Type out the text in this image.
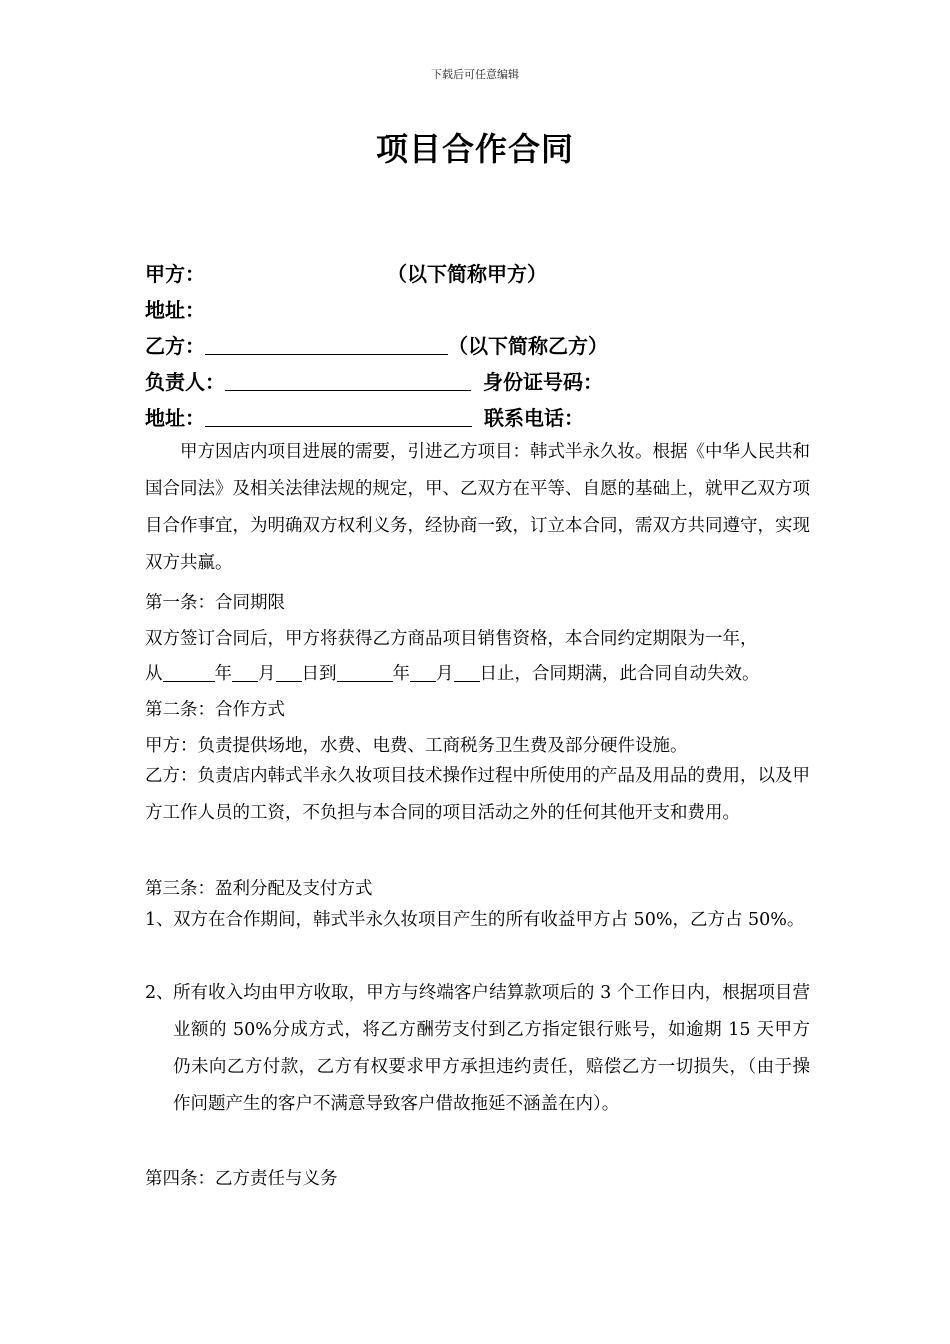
下载后可任意编辑
项目合作合同
甲方：	（以下简称甲方）
地址：
乙方：	（以下简称乙方）
负责人：	身份证号码：
地址：	联系电话：

甲方因店内项目进展的需要，引进乙方项目：韩式半永久妆。根据《中华人民共和国合同法》及相关法律法规的规定，甲、乙双方在平等、自愿的基础上，就甲乙双方项目合作事宜，为明确双方权利义务，经协商一致，订立本合同，需双方共同遵守，实现双方共赢。

第一条：合同期限
双方签订合同后，甲方将获得乙方商品项目销售资格，本合同约定期限为一年，
从	年 月 日到	年 月 日止，合同期满，此合同自动失效。
第二条：合作方式
甲方：负责提供场地，水费、电费、工商税务卫生费及部分硬件设施。

乙方：负责店内韩式半永久妆项目技术操作过程中所使用的产品及用品的费用，以及甲方工作人员的工资，不负担与本合同的项目活动之外的任何其他开支和费用。

第三条：盈利分配及支付方式
1、 双方在合作期间，韩式半永久妆项目产生的所有收益甲方占 50%，乙方占 50%。
2、 所有收入均由甲方收取，甲方与终端客户结算款项后的 3 个工作日内，根据项目营业额的 50%分成方式，将乙方酬劳支付到乙方指定银行账号，如逾期 15 天甲方仍未向乙方付款，乙方有权要求甲方承担违约责任，赔偿乙方一切损失，（由于操作问题产生的客户不满意导致客户借故拖延不涵盖在内）。
第四条：乙方责任与义务
